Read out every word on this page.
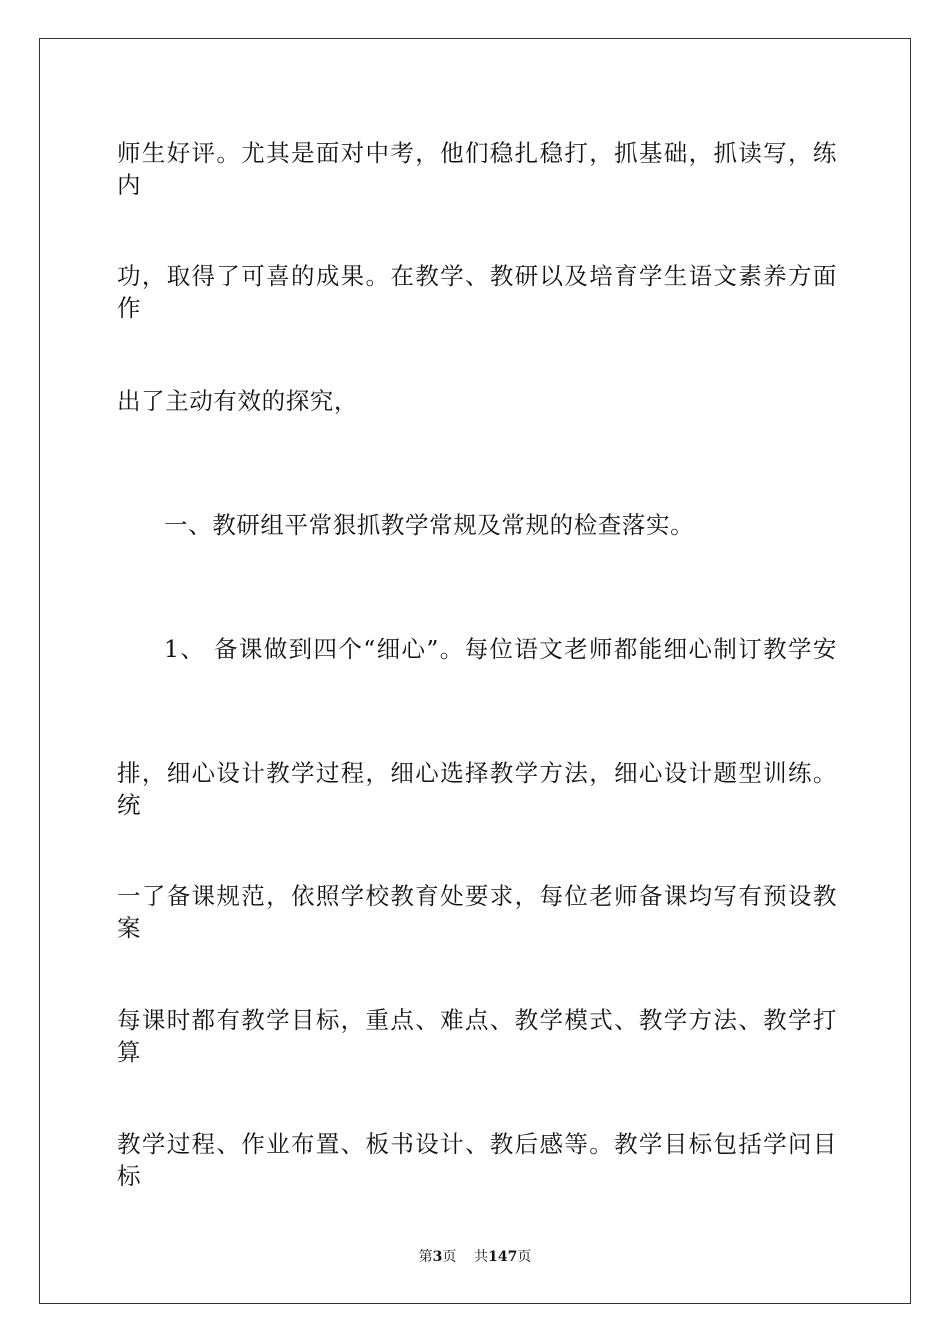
师生好评。尤其是面对中考，他们稳扎稳打，抓基础，抓读写，练内
功，取得了可喜的成果。在教学、教研以及培育学生语文素养方面作
出了主动有效的探究，
一、教研组平常狠抓教学常规及常规的检查落实。
1、 备课做到四个“细心”。每位语文老师都能细心制订教学安
排，细心设计教学过程，细心选择教学方法，细心设计题型训练。统
一了备课规范，依照学校教育处要求，每位老师备课均写有预设教案
每课时都有教学目标，重点、难点、教学模式、教学方法、教学打算
教学过程、作业布置、板书设计、教后感等。教学目标包括学问目标
第3页    共147页
